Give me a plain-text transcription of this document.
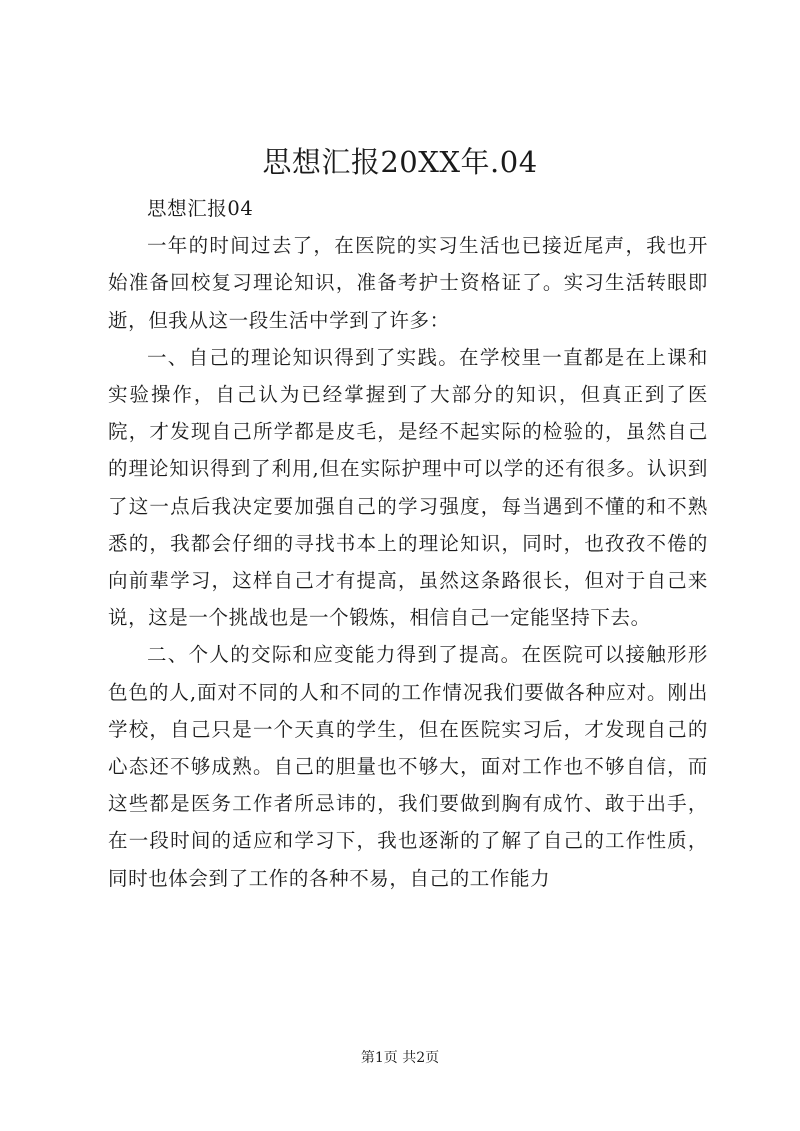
思想汇报20XX年.04

思想汇报04

一年的时间过去了，在医院的实习生活也已接近尾声，我也开始准备回校复习理论知识，准备考护士资格证了。实习生活转眼即逝，但我从这一段生活中学到了许多：

一、自己的理论知识得到了实践。在学校里一直都是在上课和实验操作，自己认为已经掌握到了大部分的知识，但真正到了医院，才发现自己所学都是皮毛，是经不起实际的检验的，虽然自己的理论知识得到了利用,但在实际护理中可以学的还有很多。认识到了这一点后我决定要加强自己的学习强度，每当遇到不懂的和不熟悉的，我都会仔细的寻找书本上的理论知识，同时，也孜孜不倦的向前辈学习，这样自己才有提高，虽然这条路很长，但对于自己来说，这是一个挑战也是一个锻炼，相信自己一定能坚持下去。

二、个人的交际和应变能力得到了提高。在医院可以接触形形色色的人,面对不同的人和不同的工作情况我们要做各种应对。刚出学校，自己只是一个天真的学生，但在医院实习后，才发现自己的心态还不够成熟。自己的胆量也不够大，面对工作也不够自信，而这些都是医务工作者所忌讳的，我们要做到胸有成竹、敢于出手，在一段时间的适应和学习下，我也逐渐的了解了自己的工作性质，同时也体会到了工作的各种不易，自己的工作能力

第1页 共2页
